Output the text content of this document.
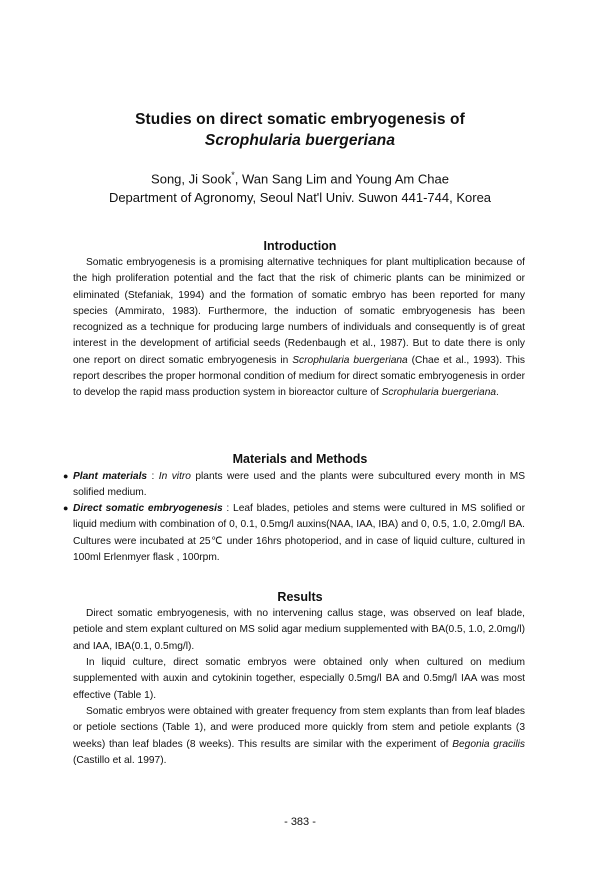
Studies on direct somatic embryogenesis of
Scrophularia buergeriana
Song, Ji Sook*, Wan Sang Lim and Young Am Chae
Department of Agronomy, Seoul Nat'l Univ. Suwon 441-744, Korea
Introduction

Somatic embryogenesis is a promising alternative techniques for plant multiplication because of the high proliferation potential and the fact that the risk of chimeric plants can be minimized or eliminated (Stefaniak, 1994) and the formation of somatic embryo has been reported for many species (Ammirato, 1983). Furthermore, the induction of somatic embryogenesis has been recognized as a technique for producing large numbers of individuals and consequently is of great interest in the development of artificial seeds (Redenbaugh et al., 1987). But to date there is only one report on direct somatic embryogenesis in Scrophularia buergeriana (Chae et al., 1993). This report describes the proper hormonal condition of medium for direct somatic embryogenesis in order to develop the rapid mass production system in bioreactor culture of Scrophularia buergeriana.

Materials and Methods

● Plant materials : In vitro plants were used and the plants were subcultured every month in MS solified medium.

● Direct somatic embryogenesis : Leaf blades, petioles and stems were cultured in MS solified or liquid medium with combination of 0, 0.1, 0.5mg/l auxins(NAA, IAA, IBA) and 0, 0.5, 1.0, 2.0mg/l BA. Cultures were incubated at 25℃ under 16hrs photoperiod, and in case of liquid culture, cultured in 100ml Erlenmyer flask , 100rpm.

Results

Direct somatic embryogenesis, with no intervening callus stage, was observed on leaf blade, petiole and stem explant cultured on MS solid agar medium supplemented with BA(0.5, 1.0, 2.0mg/l) and IAA, IBA(0.1, 0.5mg/l).

In liquid culture, direct somatic embryos were obtained only when cultured on medium supplemented with auxin and cytokinin together, especially 0.5mg/l BA and 0.5mg/l IAA was most effective (Table 1).

Somatic embryos were obtained with greater frequency from stem explants than from leaf blades or petiole sections (Table 1), and were produced more quickly from stem and petiole explants (3 weeks) than leaf blades (8 weeks). This results are similar with the experiment of Begonia gracilis (Castillo et al. 1997).

- 383 -
